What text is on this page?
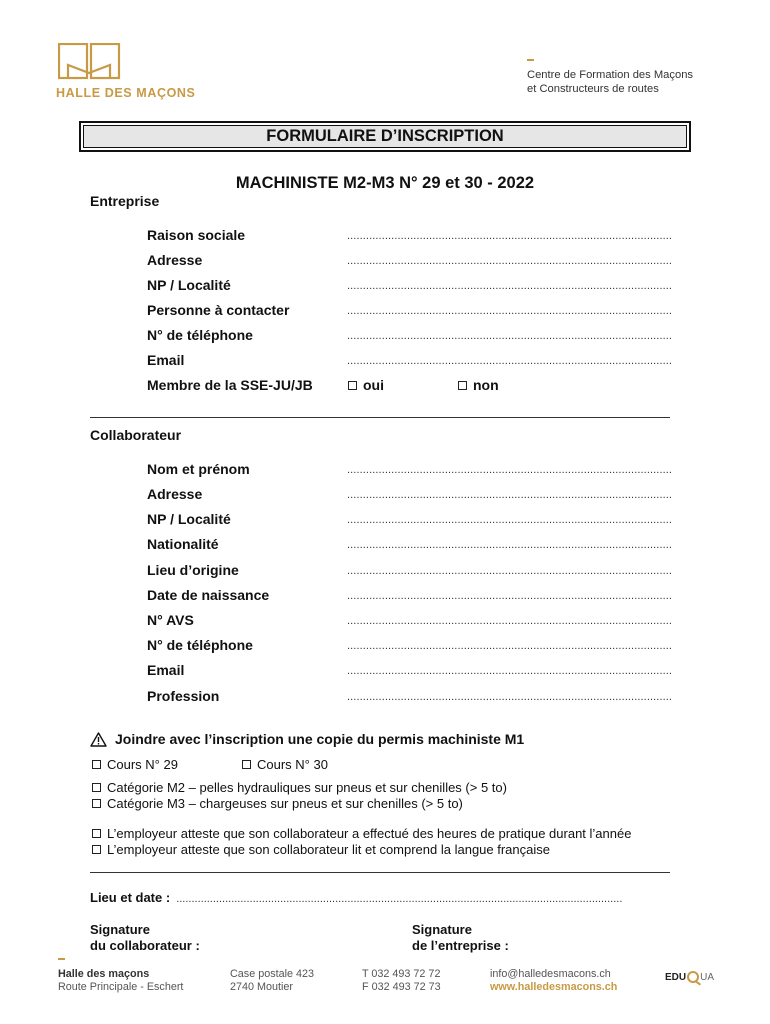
HALLE DES MAÇONS
Centre de Formation des Maçons
et Constructeurs de routes
FORMULAIRE D’INSCRIPTION
MACHINISTE M2-M3 N° 29 et 30 - 2022
Entreprise
Raison sociale
.....
Adresse
.....
NP / Localité
.....
Personne à contacter
.....
N° de téléphone
.....
Email
.....
Membre de la SSE-JU/JB	oui	non
Collaborateur
Nom et prénom
.....
Adresse
.....
NP / Localité
.....
Nationalité
.....
Lieu d’origine
.....
Date de naissance
.....
N° AVS
.....
N° de téléphone
.....
Email
.....
Profession
.....
Joindre avec l’inscription une copie du permis machiniste M1
Cours N° 29	Cours N° 30
Catégorie M2 – pelles hydrauliques sur pneus et sur chenilles (> 5 to)
Catégorie M3 – chargeuses sur pneus et sur chenilles (> 5 to)
L’employeur atteste que son collaborateur a effectué des heures de pratique durant l’année
L’employeur atteste que son collaborateur lit et comprend la langue française
Lieu et date :
.....
Signature
du collaborateur :
Signature
de l’entreprise :
Halle des maçons
Route Principale - Eschert
Case postale 423
2740 Moutier
T 032 493 72 72
F 032 493 72 73
info@halledesmacons.ch
www.halledesmacons.ch
EDU UA
